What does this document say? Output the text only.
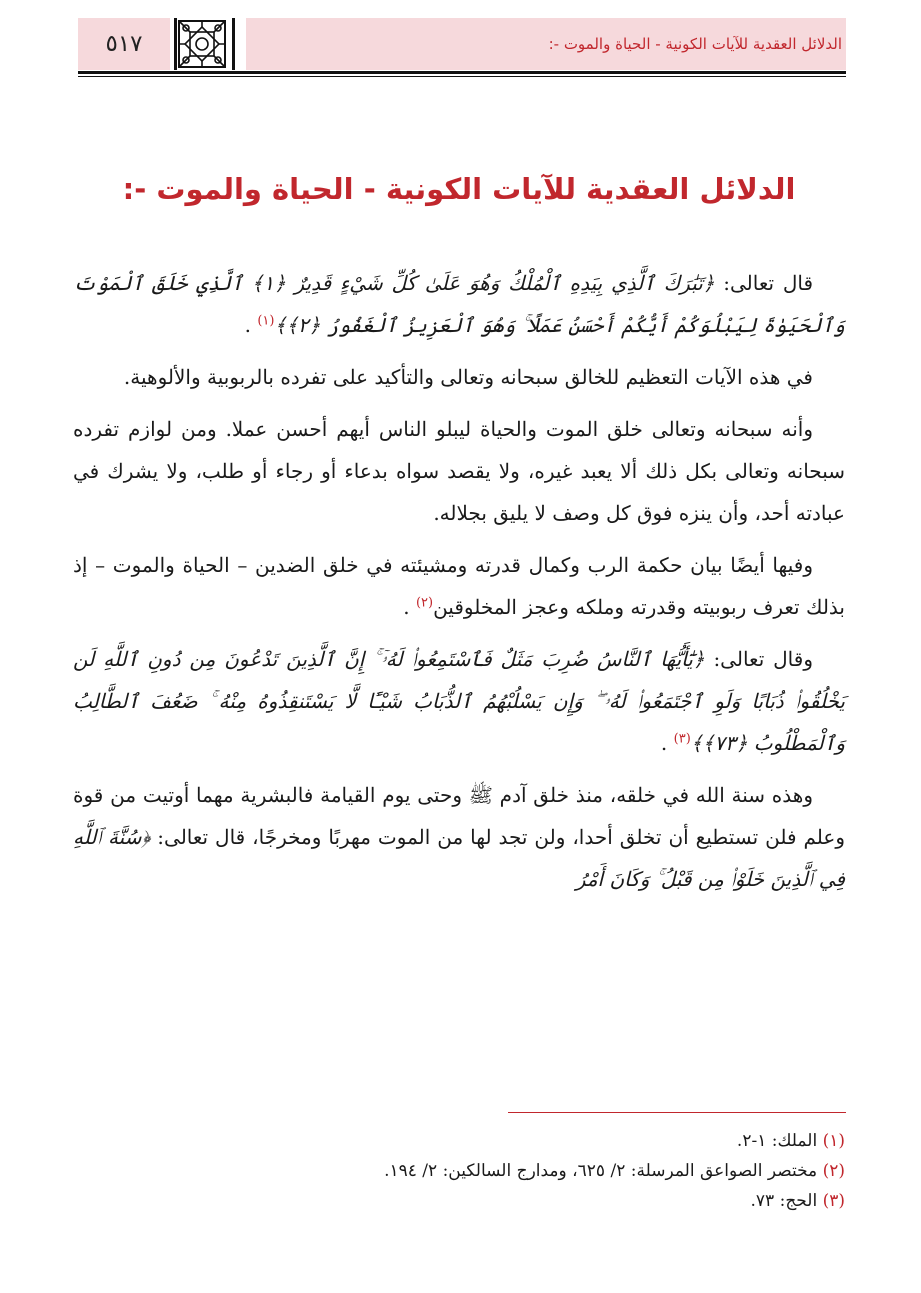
٥١٧	الدلائل العقدية للآيات الكونية - الحياة والموت -:
الدلائل العقدية للآيات الكونية - الحياة والموت -:

قال تعالى: ﴿تَبَٰرَكَ ٱلَّذِي بِيَدِهِ ٱلْمُلْكُ وَهُوَ عَلَىٰ كُلِّ شَيْءٍ قَدِيرٌ ﴿١﴾ ٱلَّذِي خَلَقَ ٱلْمَوْتَ وَٱلْحَيَوٰةَ لِيَبْلُوَكُمْ أَيُّكُمْ أَحْسَنُ عَمَلًا ۚ وَهُوَ ٱلْعَزِيزُ ٱلْغَفُورُ ﴿٢﴾﴾$^{(١)}$ .

في هذه الآيات التعظيم للخالق سبحانه وتعالى والتأكيد على تفرده بالربوبية والألوهية.

وأنه سبحانه وتعالى خلق الموت والحياة ليبلو الناس أيهم أحسن عملا. ومن لوازم تفرده سبحانه وتعالى بكل ذلك ألا يعبد غيره، ولا يقصد سواه بدعاء أو رجاء أو طلب، ولا يشرك في عبادته أحد، وأن ينزه فوق كل وصف لا يليق بجلاله.

وفيها أيضًا بيان حكمة الرب وكمال قدرته ومشيئته في خلق الضدين – الحياة والموت – إذ بذلك تعرف ربوبيته وقدرته وملكه وعجز المخلوقين$^{(٢)}$ .

وقال تعالى: ﴿يَٰٓأَيُّهَا ٱلنَّاسُ ضُرِبَ مَثَلٌ فَٱسْتَمِعُوا۟ لَهُۥٓ ۚ إِنَّ ٱلَّذِينَ تَدْعُونَ مِن دُونِ ٱللَّهِ لَن يَخْلُقُوا۟ ذُبَابًا وَلَوِ ٱجْتَمَعُوا۟ لَهُۥ ۖ وَإِن يَسْلُبْهُمُ ٱلذُّبَابُ شَيْـًٔا لَّا يَسْتَنقِذُوهُ مِنْهُ ۚ ضَعُفَ ٱلطَّالِبُ وَٱلْمَطْلُوبُ ﴿٧٣﴾﴾$^{(٣)}$ .

وهذه سنة الله في خلقه، منذ خلق آدم ﷺ وحتى يوم القيامة فالبشرية مهما أوتيت من قوة وعلم فلن تستطيع أن تخلق أحدا، ولن تجد لها من الموت مهربًا ومخرجًا، قال تعالى: ﴿سُنَّةَ ٱللَّهِ فِي ٱلَّذِينَ خَلَوْا۟ مِن قَبْلُ ۚ وَكَانَ أَمْرُ

(١) الملك: ١-٢.

(٢) مختصر الصواعق المرسلة: ٢/ ٦٢٥، ومدارج السالكين: ٢/ ١٩٤.

(٣) الحج: ٧٣.
